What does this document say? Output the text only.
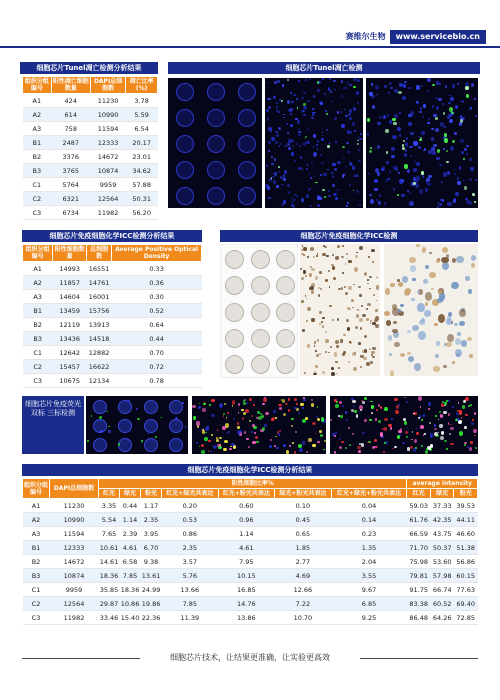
赛维尔生物	www.servicebio.cn
细胞芯片Tunel凋亡检测分析结果
组织分组编号	阳性凋亡细胞数量	DAPI总细胞数	凋亡比率(%)
A1	424	11230	3.78
A2	614	10990	5.59
A3	758	11594	6.54
B1	2487	12333	20.17
B2	3376	14672	23.01
B3	3765	10874	34.62
C1	5764	9959	57.88
C2	6321	12564	50.31
C3	6734	11982	56.20
细胞芯片Tunel凋亡检测
细胞芯片免疫细胞化学ICC检测分析结果
组织分组编号	阳性细胞数量	总细胞数	Average Positive Optical Density
A1	14993	16551	0.33
A2	11857	14761	0.36
A3	14604	16001	0.30
B1	13459	15756	0.52
B2	12119	13913	0.64
B3	13436	14518	0.44
C1	12642	12882	0.70
C2	15457	16622	0.72
C3	10675	12134	0.78
细胞芯片免疫细胞化学ICC检测
细胞芯片免疫荧光双标 三标检测
细胞芯片免疫细胞化学ICC检测分析结果
组织分组编号	DAPI总细胞数	阳性细胞比率%							average intensity		
		红光	绿光	粉光	红光+绿光共表达	红光+粉光共表达	绿光+粉光共表达	红光+绿光+粉光共表达	红光	绿光	粉光
A1	11230	3.35	0.44	1.17	0.20	0.60	0.10	0.04	59.03	37.33	39.53
A2	10990	5.54	1.14	2.35	0.53	0.96	0.45	0.14	61.76	42.35	44.11
A3	11594	7.65	2.39	3.95	0.86	1.14	0.65	0.23	66.59	43.75	46.60
B1	12333	10.61	4.61	6.70	2.35	4.61	1.85	1.35	71.70	50.37	51.38
B2	14672	14.61	6.58	9.38	3.57	7.95	2.77	2.04	75.98	53.60	56.86
B3	10874	18.36	7.85	13.61	5.76	10.15	4.69	3.55	79.81	57.98	60.15
C1	9959	35.85	18.36	24.99	13.66	16.85	12.66	9.67	91.75	66.74	77.63
C2	12564	29.87	10.86	19.86	7.85	14.76	7.22	6.85	83.38	60.52	69.40
C3	11982	33.46	15.40	22.36	11.39	13.86	10.70	9.25	86.48	64.26	72.85
细胞芯片技术，让结果更准确，让实验更高效
